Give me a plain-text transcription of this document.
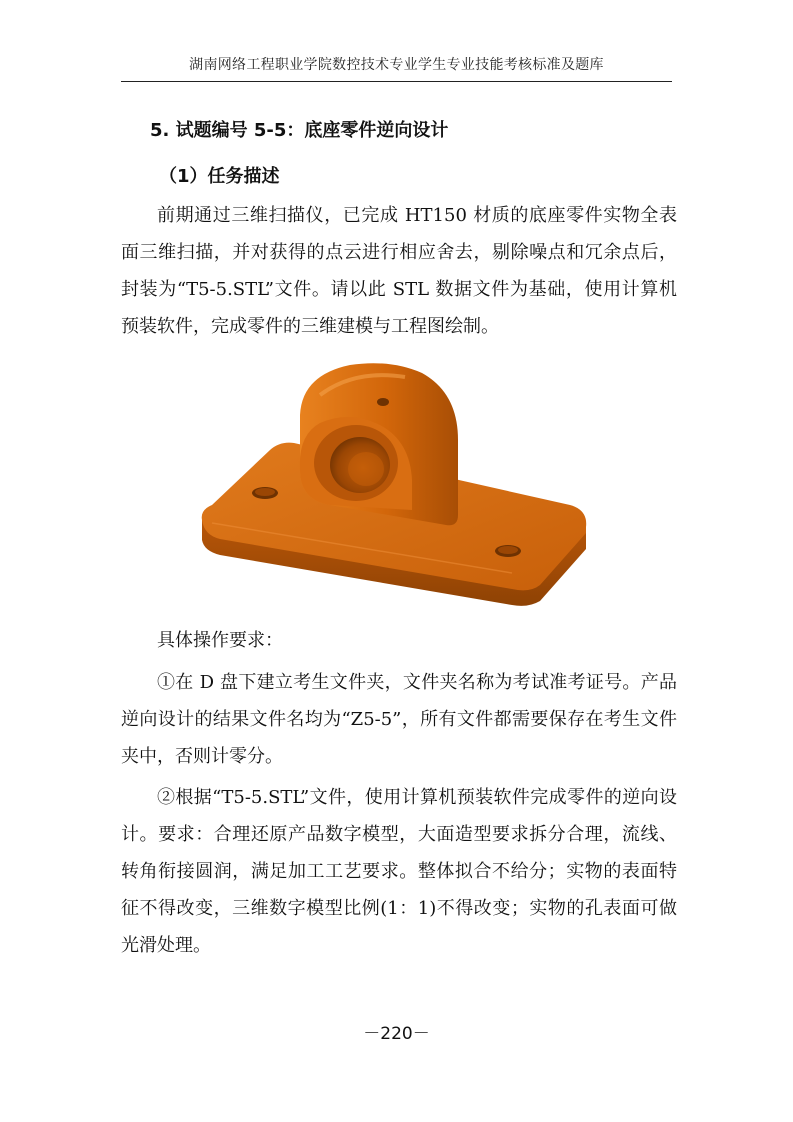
湖南网络工程职业学院数控技术专业学生专业技能考核标准及题库
5. 试题编号 5-5：底座零件逆向设计
（1）任务描述

前期通过三维扫描仪，已完成 HT150 材质的底座零件实物全表面三维扫描，并对获得的点云进行相应舍去，剔除噪点和冗余点后，封装为“T5-5.STL”文件。请以此 STL 数据文件为基础，使用计算机预装软件，完成零件的三维建模与工程图绘制。

具体操作要求：

①在 D 盘下建立考生文件夹，文件夹名称为考试准考证号。产品逆向设计的结果文件名均为“Z5-5”，所有文件都需要保存在考生文件夹中，否则计零分。

②根据“T5-5.STL”文件，使用计算机预装软件完成零件的逆向设计。要求：合理还原产品数字模型，大面造型要求拆分合理，流线、转角衔接圆润，满足加工工艺要求。整体拟合不给分；实物的表面特征不得改变，三维数字模型比例(1：1)不得改变；实物的孔表面可做光滑处理。

－220－
